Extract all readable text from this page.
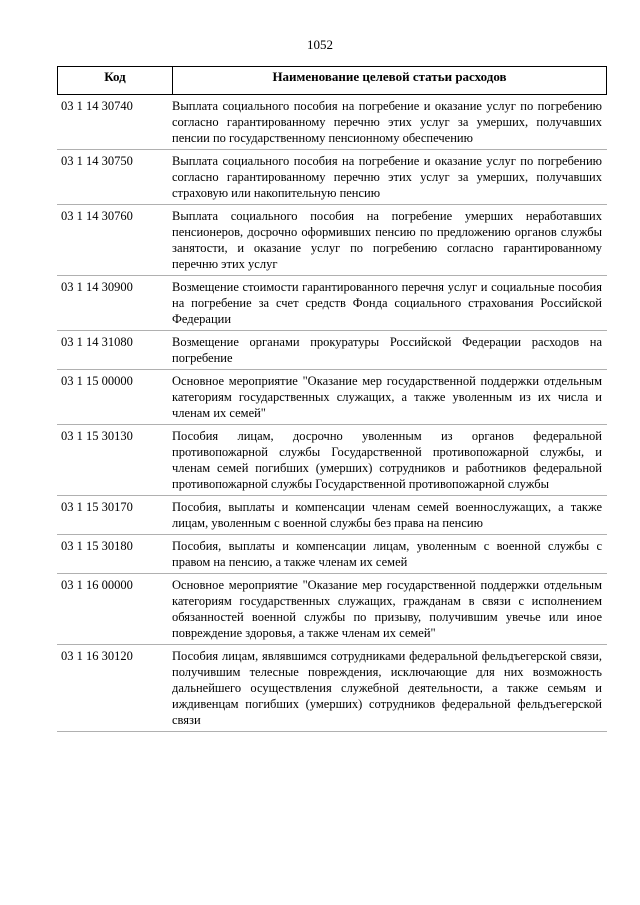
1052
Код	Наименование целевой статьи расходов
03 1 14 30740	Выплата социального пособия на погребение и оказание услуг по погребению согласно гарантированному перечню этих услуг за умерших, получавших пенсии по государственному пенсионному обеспечению
03 1 14 30750	Выплата социального пособия на погребение и оказание услуг по погребению согласно гарантированному перечню этих услуг за умерших, получавших страховую или накопительную пенсию
03 1 14 30760	Выплата социального пособия на погребение умерших неработавших пенсионеров, досрочно оформивших пенсию по предложению органов службы занятости, и оказание услуг по погребению согласно гарантированному перечню этих услуг
03 1 14 30900	Возмещение стоимости гарантированного перечня услуг и социальные пособия на погребение за счет средств Фонда социального страхования Российской Федерации
03 1 14 31080	Возмещение органами прокуратуры Российской Федерации расходов на погребение
03 1 15 00000	Основное мероприятие "Оказание мер государственной поддержки отдельным категориям государственных служащих, а также уволенным из их числа и членам их семей"
03 1 15 30130	Пособия лицам, досрочно уволенным из органов федеральной противопожарной службы Государственной противопожарной службы, и членам семей погибших (умерших) сотрудников и работников федеральной противопожарной службы Государственной противопожарной службы
03 1 15 30170	Пособия, выплаты и компенсации членам семей военнослужащих, а также лицам, уволенным с военной службы без права на пенсию
03 1 15 30180	Пособия, выплаты и компенсации лицам, уволенным с военной службы с правом на пенсию, а также членам их семей
03 1 16 00000	Основное мероприятие "Оказание мер государственной поддержки отдельным категориям государственных служащих, гражданам в связи с исполнением обязанностей военной службы по призыву, получившим увечье или иное повреждение здоровья, а также членам их семей"
03 1 16 30120	Пособия лицам, являвшимся сотрудниками федеральной фельдъегерской связи, получившим телесные повреждения, исключающие для них возможность дальнейшего осуществления служебной деятельности, а также семьям и иждивенцам погибших (умерших) сотрудников федеральной фельдъегерской связи
